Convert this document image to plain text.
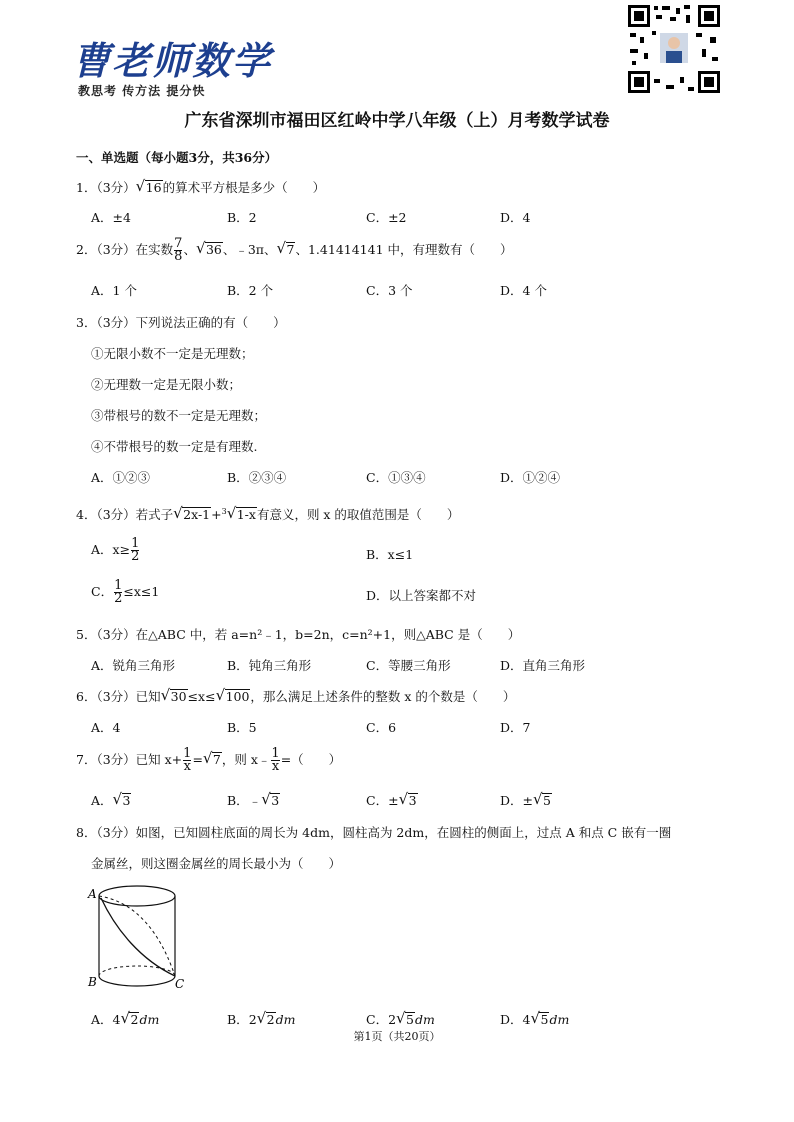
曹老师数学
教思考 传方法 提分快
广东省深圳市福田区红岭中学八年级（上）月考数学试卷
一、单选题（每小题3分，共36分）
1．（3分） √ 16的算术平方根是多少（　　）
A．±4	B．2	C．±2	D．4
2．（3分）在实数 $\frac{7}{8}$ 、 √ 36、﹣3π、 √ 7、1.41414141 中，有理数有（　　）
A．1 个	B．2 个	C．3 个	D．4 个
3．（3分）下列说法正确的有（　　）
①无限小数不一定是无理数；
②无理数一定是无限小数；
③带根号的数不一定是无理数；
④不带根号的数一定是有理数.
A．①②③	B．②③④	C．①③④	D．①②④
4．（3分）若式子 √ 2x-1+$^3$ √ 1-x有意义，则 x 的取值范围是（　　）
A．$x\ge \frac{1}{2}$	B．x≤1
C． $\frac{1}{2} \le x\le 1$	D．以上答案都不对
5．（3分）在△ABC 中，若 a=n²﹣1，b=2n，c=n²+1，则△ABC 是（　　）
A．锐角三角形	B．钝角三角形	C．等腰三角形	D．直角三角形
6．（3分）已知 √ 30≤x≤ √ 100，那么满足上述条件的整数 x 的个数是（　　）
A．4	B．5	C．6	D．7
7．（3分）已知 $x+ \frac{1}{x}$ = √ 7，则 x﹣ $\frac{1}{x}$ =（　　）
A． √ 3	B．﹣ √ 3	C．± √ 3	D．± √ 5
8．（3分）如图，已知圆柱底面的周长为 4dm，圆柱高为 2dm，在圆柱的侧面上，过点 A 和点 C 嵌有一圈
金属丝，则这圈金属丝的周长最小为（　　）
A
B	C
A．4 √ 2dm	B．2 √ 2dm	C．2 √ 5dm	D．4 √ 5dm
第1页（共20页）
